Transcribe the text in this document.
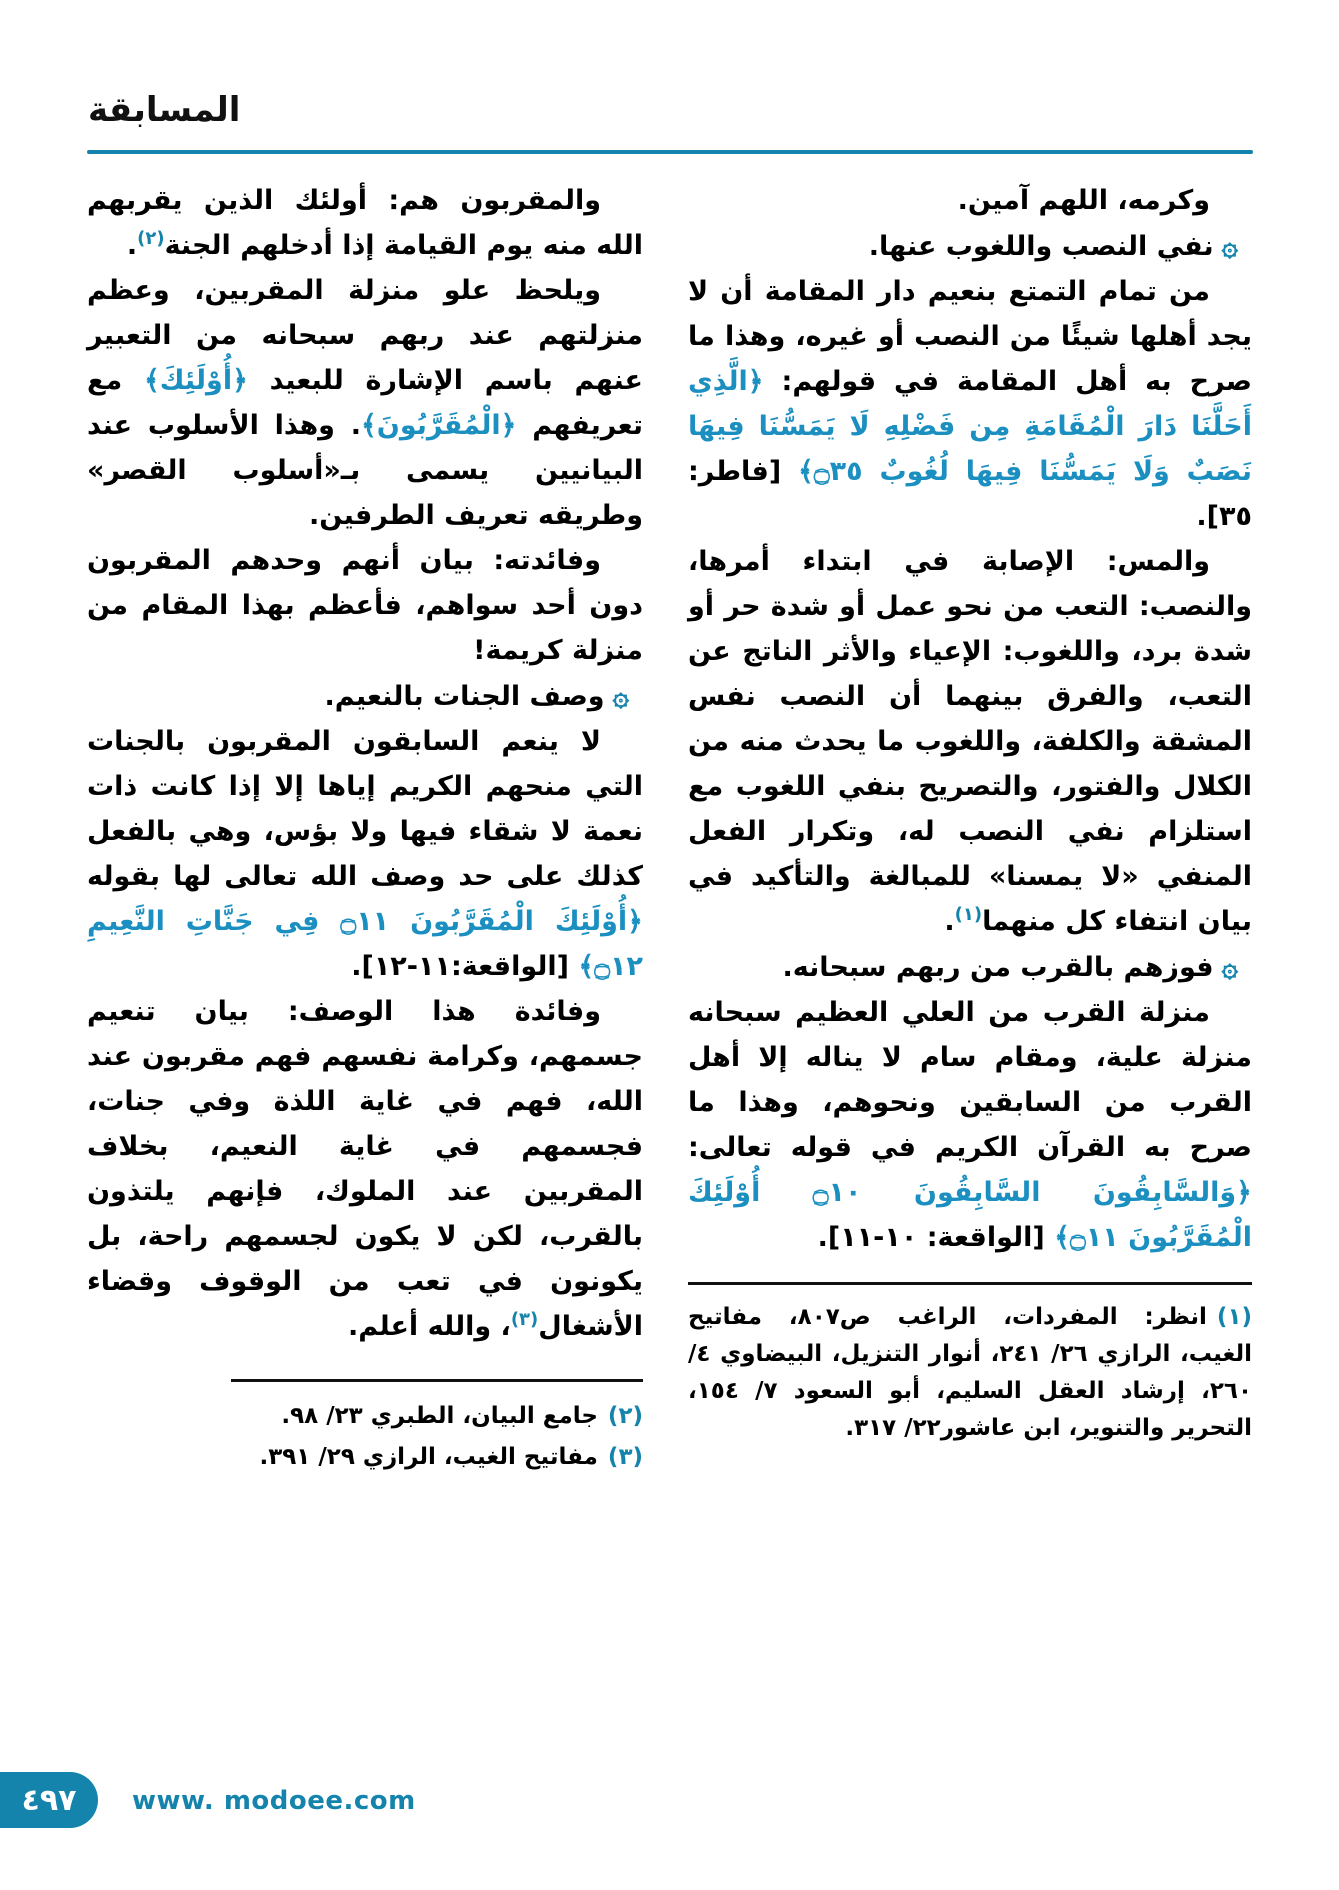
المسابقة

وكرمه، اللهم آمين.

۞نفي النصب واللغوب عنها.

من تمام التمتع بنعيم دار المقامة أن لا يجد أهلها شيئًا من النصب أو غيره، وهذا ما صرح به أهل المقامة في قولهم: ﴿الَّذِي أَحَلَّنَا دَارَ الْمُقَامَةِ مِن فَضْلِهِ لَا يَمَسُّنَا فِيهَا نَصَبٌ وَلَا يَمَسُّنَا فِيهَا لُغُوبٌ ۝٣٥﴾ [فاطر: ٣٥].

والمس: الإصابة في ابتداء أمرها، والنصب: التعب من نحو عمل أو شدة حر أو شدة برد، واللغوب: الإعياء والأثر الناتج عن التعب، والفرق بينهما أن النصب نفس المشقة والكلفة، واللغوب ما يحدث منه من الكلال والفتور، والتصريح بنفي اللغوب مع استلزام نفي النصب له، وتكرار الفعل المنفي «لا يمسنا» للمبالغة والتأكيد في بيان انتفاء كل منهما$^{(١)}$.

۞فوزهم بالقرب من ربهم سبحانه.

منزلة القرب من العلي العظيم سبحانه منزلة علية، ومقام سام لا يناله إلا أهل القرب من السابقين ونحوهم، وهذا ما صرح به القرآن الكريم في قوله تعالى: ﴿وَالسَّابِقُونَ السَّابِقُونَ ۝١٠ أُوْلَئِكَ الْمُقَرَّبُونَ ۝١١﴾ [الواقعة: ١٠-١١].

(١)انظر: المفردات، الراغب ص٨٠٧، مفاتيح الغيب، الرازي ٢٦/ ٢٤١، أنوار التنزيل، البيضاوي ٤/ ٢٦٠، إرشاد العقل السليم، أبو السعود ٧/ ١٥٤، التحرير والتنوير، ابن عاشور٢٢/ ٣١٧.

والمقربون هم: أولئك الذين يقربهم الله منه يوم القيامة إذا أدخلهم الجنة$^{(٢)}$.

ويلحظ علو منزلة المقربين، وعظم منزلتهم عند ربهم سبحانه من التعبير عنهم باسم الإشارة للبعيد ﴿أُوْلَئِكَ﴾ مع تعريفهم ﴿الْمُقَرَّبُونَ﴾. وهذا الأسلوب عند البيانيين يسمى بـ«أسلوب القصر» وطريقه تعريف الطرفين.

وفائدته: بيان أنهم وحدهم المقربون دون أحد سواهم، فأعظم بهذا المقام من منزلة كريمة!

۞وصف الجنات بالنعيم.

لا ينعم السابقون المقربون بالجنات التي منحهم الكريم إياها إلا إذا كانت ذات نعمة لا شقاء فيها ولا بؤس، وهي بالفعل كذلك على حد وصف الله تعالى لها بقوله ﴿أُوْلَئِكَ الْمُقَرَّبُونَ ۝١١ فِي جَنَّاتِ النَّعِيمِ ۝١٢﴾ [الواقعة:١١-١٢].

وفائدة هذا الوصف: بيان تنعيم جسمهم، وكرامة نفسهم فهم مقربون عند الله، فهم في غاية اللذة وفي جنات، فجسمهم في غاية النعيم، بخلاف المقربين عند الملوك، فإنهم يلتذون بالقرب، لكن لا يكون لجسمهم راحة، بل يكونون في تعب من الوقوف وقضاء الأشغال$^{(٣)}$، والله أعلم.

(٢)جامع البيان، الطبري ٢٣/ ٩٨.

(٣)مفاتيح الغيب، الرازي ٢٩/ ٣٩١.

٤٩٧ www. modoee.com
